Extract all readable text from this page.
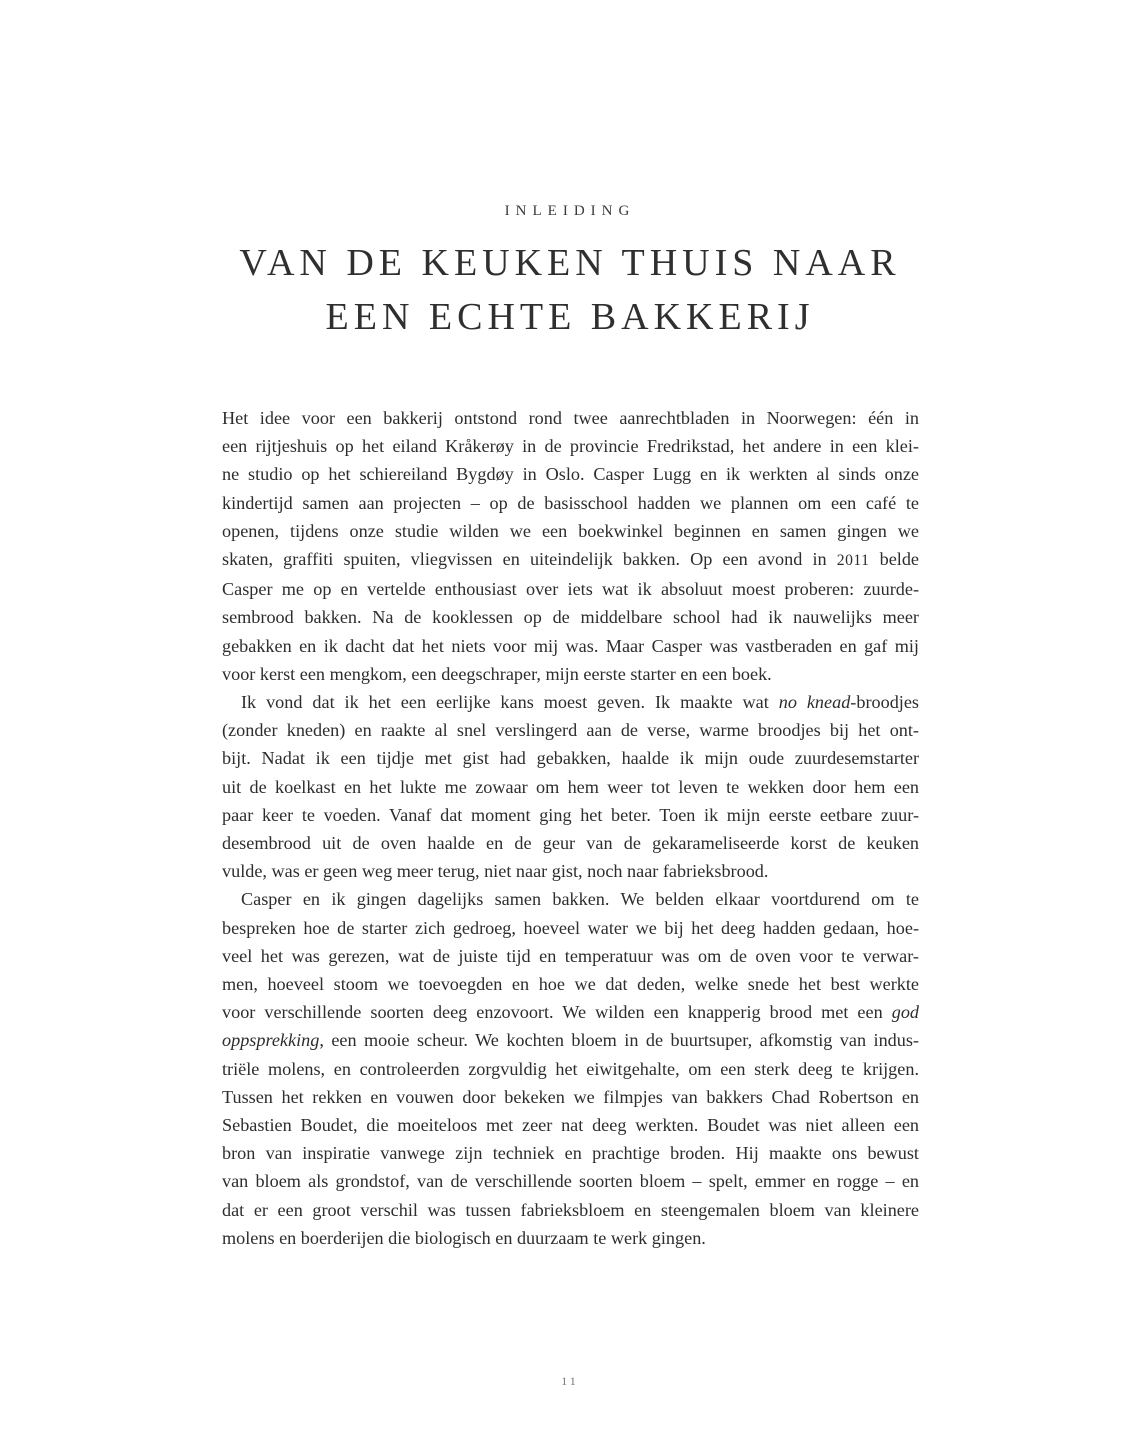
INLEIDING
VAN DE KEUKEN THUIS NAAR
EEN ECHTE BAKKERIJ
Het idee voor een bakkerij ontstond rond twee aanrechtbladen in Noorwegen: één in
een rijtjeshuis op het eiland Kråkerøy in de provincie Fredrikstad, het andere in een klei-
ne studio op het schiereiland Bygdøy in Oslo. Casper Lugg en ik werkten al sinds onze
kindertijd samen aan projecten – op de basisschool hadden we plannen om een café te
openen, tijdens onze studie wilden we een boekwinkel beginnen en samen gingen we
skaten, graffiti spuiten, vliegvissen en uiteindelijk bakken. Op een avond in 2011 belde
Casper me op en vertelde enthousiast over iets wat ik absoluut moest proberen: zuurde-
sembrood bakken. Na de kooklessen op de middelbare school had ik nauwelijks meer
gebakken en ik dacht dat het niets voor mij was. Maar Casper was vastberaden en gaf mij
voor kerst een mengkom, een deegschraper, mijn eerste starter en een boek.
Ik vond dat ik het een eerlijke kans moest geven. Ik maakte wat no knead-broodjes
(zonder kneden) en raakte al snel verslingerd aan de verse, warme broodjes bij het ont-
bijt. Nadat ik een tijdje met gist had gebakken, haalde ik mijn oude zuurdesemstarter
uit de koelkast en het lukte me zowaar om hem weer tot leven te wekken door hem een
paar keer te voeden. Vanaf dat moment ging het beter. Toen ik mijn eerste eetbare zuur-
desembrood uit de oven haalde en de geur van de gekarameliseerde korst de keuken
vulde, was er geen weg meer terug, niet naar gist, noch naar fabrieksbrood.
Casper en ik gingen dagelijks samen bakken. We belden elkaar voortdurend om te
bespreken hoe de starter zich gedroeg, hoeveel water we bij het deeg hadden gedaan, hoe-
veel het was gerezen, wat de juiste tijd en temperatuur was om de oven voor te verwar-
men, hoeveel stoom we toevoegden en hoe we dat deden, welke snede het best werkte
voor verschillende soorten deeg enzovoort. We wilden een knapperig brood met een god
oppsprekking, een mooie scheur. We kochten bloem in de buurtsuper, afkomstig van indus-
triële molens, en controleerden zorgvuldig het eiwitgehalte, om een sterk deeg te krijgen.
Tussen het rekken en vouwen door bekeken we filmpjes van bakkers Chad Robertson en
Sebastien Boudet, die moeiteloos met zeer nat deeg werkten. Boudet was niet alleen een
bron van inspiratie vanwege zijn techniek en prachtige broden. Hij maakte ons bewust
van bloem als grondstof, van de verschillende soorten bloem – spelt, emmer en rogge – en
dat er een groot verschil was tussen fabrieksbloem en steengemalen bloem van kleinere
molens en boerderijen die biologisch en duurzaam te werk gingen.
11
